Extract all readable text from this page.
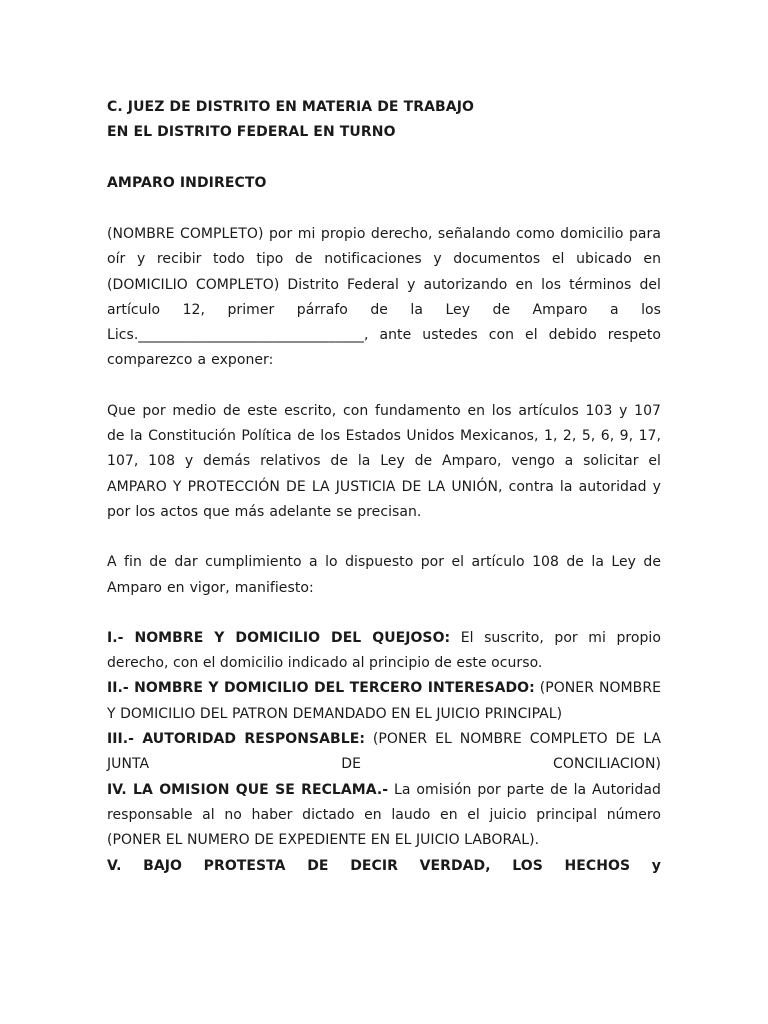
C. JUEZ DE DISTRITO EN MATERIA DE TRABAJO

EN EL DISTRITO FEDERAL EN TURNO

AMPARO INDIRECTO

(NOMBRE COMPLETO) por mi propio derecho, señalando como domicilio para oír y recibir todo tipo de notificaciones y documentos el ubicado en (DOMICILIO COMPLETO) Distrito Federal y autorizando en los términos del artículo 12, primer párrafo de la Ley de Amparo a los Lics.________________________________, ante ustedes con el debido respeto comparezco a exponer:

Que por medio de este escrito, con fundamento en los artículos 103 y 107 de la Constitución Política de los Estados Unidos Mexicanos, 1, 2, 5, 6, 9, 17, 107, 108 y demás relativos de la Ley de Amparo, vengo a solicitar el AMPARO Y PROTECCIÓN DE LA JUSTICIA DE LA UNIÓN, contra la autoridad y por los actos que más adelante se precisan.

A fin de dar cumplimiento a lo dispuesto por el artículo 108 de la Ley de Amparo en vigor, manifiesto:

I.- NOMBRE Y DOMICILIO DEL QUEJOSO: El suscrito, por mi propio derecho, con el domicilio indicado al principio de este ocurso.
II.- NOMBRE Y DOMICILIO DEL TERCERO INTERESADO: (PONER NOMBRE Y DOMICILIO DEL PATRON DEMANDADO EN EL JUICIO PRINCIPAL)
III.- AUTORIDAD RESPONSABLE: (PONER EL NOMBRE COMPLETO DE LA JUNTA DE CONCILIACION)
IV. LA OMISION QUE SE RECLAMA.- La omisión por parte de la Autoridad responsable al no haber dictado en laudo en el juicio principal número (PONER EL NUMERO DE EXPEDIENTE EN EL JUICIO LABORAL).
V. BAJO PROTESTA DE DECIR VERDAD, LOS HECHOS y
